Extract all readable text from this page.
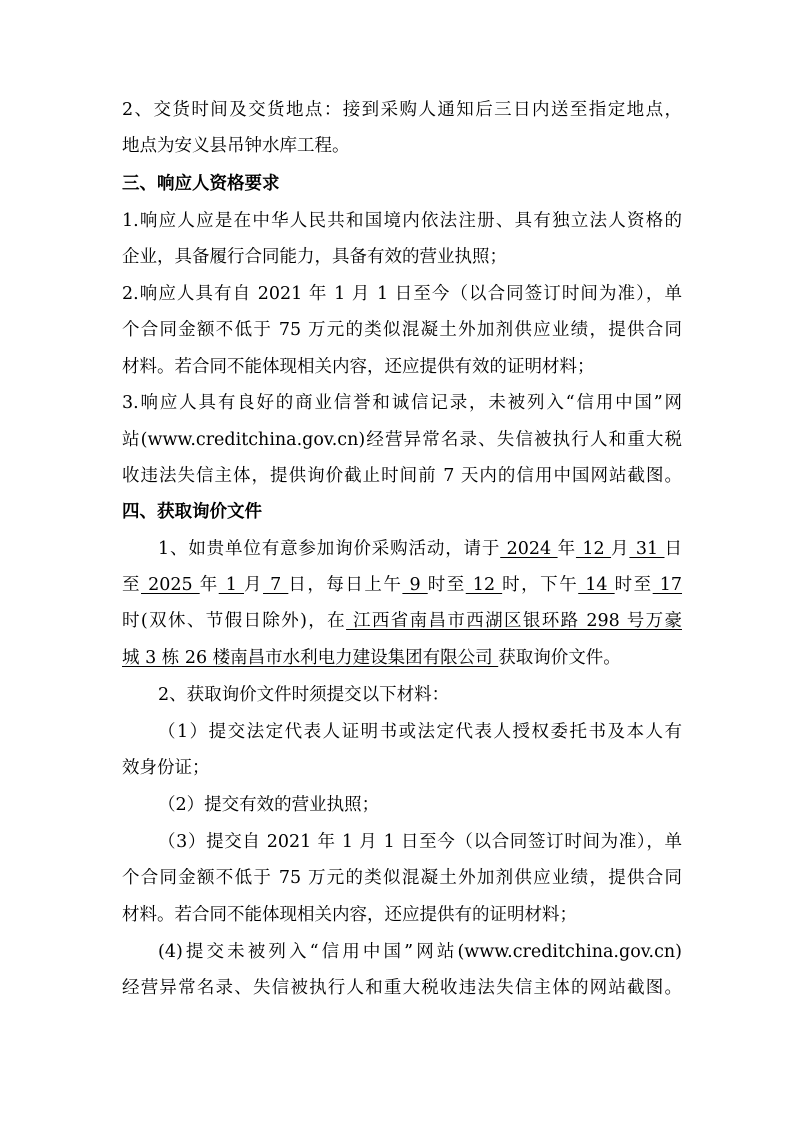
2、交货时间及交货地点：接到采购人通知后三日内送至指定地点，
地点为安义县吊钟水库工程。
三、响应人资格要求
1.响应人应是在中华人民共和国境内依法注册、具有独立法人资格的
企业，具备履行合同能力，具备有效的营业执照；
2.响应人具有自 2021 年 1 月 1 日至今（以合同签订时间为准），单
个合同金额不低于 75 万元的类似混凝土外加剂供应业绩，提供合同
材料。若合同不能体现相关内容，还应提供有效的证明材料；
3.响应人具有良好的商业信誉和诚信记录，未被列入“信用中国”网
站(www.creditchina.gov.cn)经营异常名录、失信被执行人和重大税
收违法失信主体，提供询价截止时间前 7 天内的信用中国网站截图。
四、获取询价文件
1、如贵单位有意参加询价采购活动，请于 2024 年 12 月 31 日
至 2025 年 1 月 7 日，每日上午 9 时至 12 时，下午 14 时至 17
时(双休、节假日除外)，在 江西省南昌市西湖区银环路 298 号万豪
城 3 栋 26 楼南昌市水利电力建设集团有限公司 获取询价文件。
2、获取询价文件时须提交以下材料：
（1）提交法定代表人证明书或法定代表人授权委托书及本人有
效身份证；
（2）提交有效的营业执照；
（3）提交自 2021 年 1 月 1 日至今（以合同签订时间为准），单
个合同金额不低于 75 万元的类似混凝土外加剂供应业绩，提供合同
材料。若合同不能体现相关内容，还应提供有的证明材料；
(4)提交未被列入“信用中国”网站(www.creditchina.gov.cn)
经营异常名录、失信被执行人和重大税收违法失信主体的网站截图。
